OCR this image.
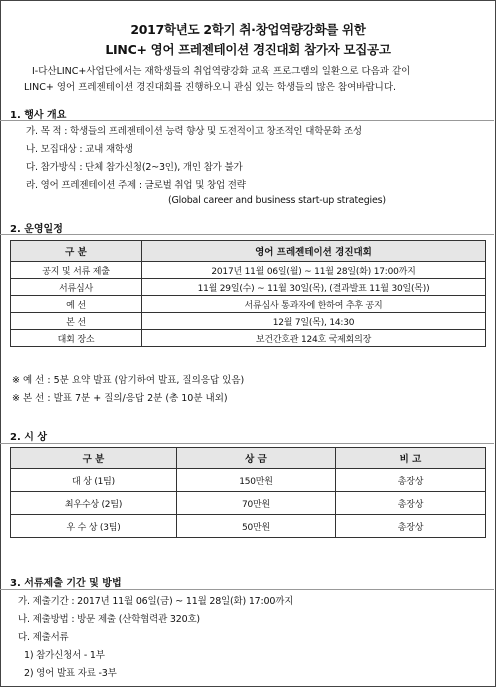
2017학년도 2학기 취·창업역량강화를 위한
LINC+ 영어 프레젠테이션 경진대회 참가자 모집공고
Ⅰ-다산LINC+사업단에서는 재학생들의 취업역량강화 교육 프로그램의 일환으로 다음과 같이
LINC+ 영어 프레젠테이션 경진대회를 진행하오니 관심 있는 학생들의 많은 참여바랍니다.
1. 행사 개요
가. 목 적 : 학생들의 프레젠테이션 능력 향상 및 도전적이고 창조적인 대학문화 조성
나. 모집대상 : 교내 재학생
다. 참가방식 : 단체 참가신청(2~3인), 개인 참가 불가
라. 영어 프레젠테이션 주제 : 글로벌 취업 및 창업 전략
(Global career and business start-up strategies)
2. 운영일정
구 분	영어 프레젠테이션 경진대회
공지 및 서류 제출	2017년 11월 06일(월) ~ 11월 28일(화) 17:00까지
서류심사	11월 29일(수) ~ 11월 30일(목), (결과발표 11월 30일(목))
예 선	서류심사 통과자에 한하여 추후 공지
본 선	12월 7일(목), 14:30
대회 장소	보건간호관 124호 국제회의장
※ 예 선 : 5분 요약 발표 (암기하여 발표, 질의응답 있음)
※ 본 선 : 발표 7분 + 질의/응답 2분 (총 10분 내외)
2. 시 상
구 분	상 금	비 고
대 상 (1팀)	150만원	총장상
최우수상 (2팀)	70만원	총장상
우 수 상 (3팀)	50만원	총장상
3. 서류제출 기간 및 방법
가. 제출기간 : 2017년 11월 06일(금) ~ 11월 28일(화) 17:00까지
나. 제출방법 : 방문 제출 (산학협력관 320호)
다. 제출서류
1) 참가신청서 - 1부
2) 영어 발표 자료 -3부
